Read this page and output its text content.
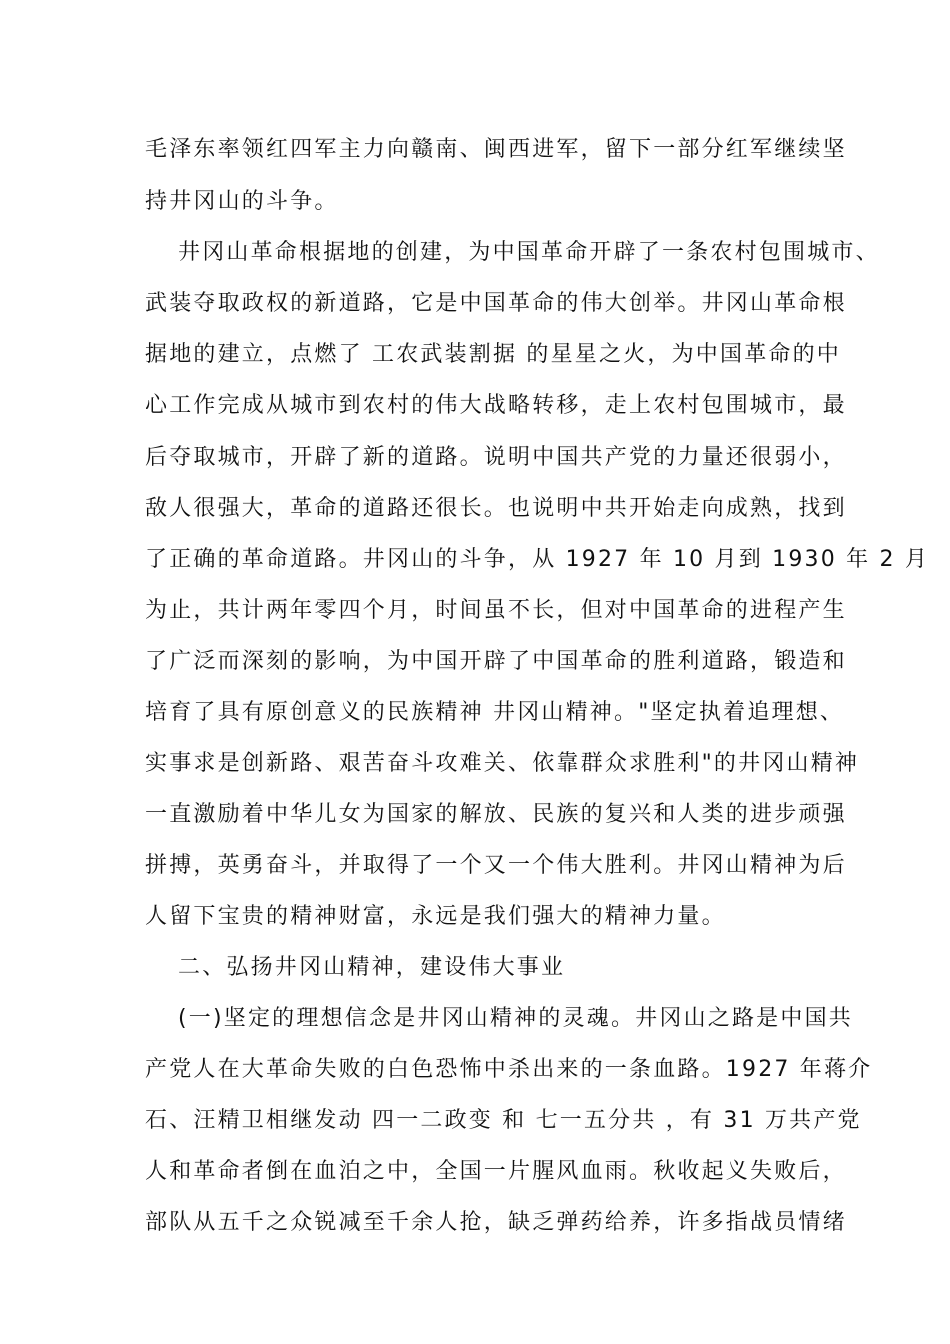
毛泽东率领红四军主力向赣南、闽西进军，留下一部分红军继续坚
持井冈山的斗争。
井冈山革命根据地的创建，为中国革命开辟了一条农村包围城市、
武装夺取政权的新道路，它是中国革命的伟大创举。井冈山革命根
据地的建立，点燃了 工农武装割据 的星星之火，为中国革命的中
心工作完成从城市到农村的伟大战略转移，走上农村包围城市，最
后夺取城市，开辟了新的道路。说明中国共产党的力量还很弱小，
敌人很强大，革命的道路还很长。也说明中共开始走向成熟，找到
了正确的革命道路。井冈山的斗争，从 1927 年 10 月到 1930 年 2 月
为止，共计两年零四个月，时间虽不长，但对中国革命的进程产生
了广泛而深刻的影响，为中国开辟了中国革命的胜利道路，锻造和
培育了具有原创意义的民族精神 井冈山精神。"坚定执着追理想、
实事求是创新路、艰苦奋斗攻难关、依靠群众求胜利"的井冈山精神
一直激励着中华儿女为国家的解放、民族的复兴和人类的进步顽强
拼搏，英勇奋斗，并取得了一个又一个伟大胜利。井冈山精神为后
人留下宝贵的精神财富，永远是我们强大的精神力量。
二、弘扬井冈山精神，建设伟大事业
(一)坚定的理想信念是井冈山精神的灵魂。井冈山之路是中国共
产党人在大革命失败的白色恐怖中杀出来的一条血路。1927 年蒋介
石、汪精卫相继发动 四一二政变 和 七一五分共 ，有 31 万共产党
人和革命者倒在血泊之中，全国一片腥风血雨。秋收起义失败后，
部队从五千之众锐减至千余人抢，缺乏弹药给养，许多指战员情绪
